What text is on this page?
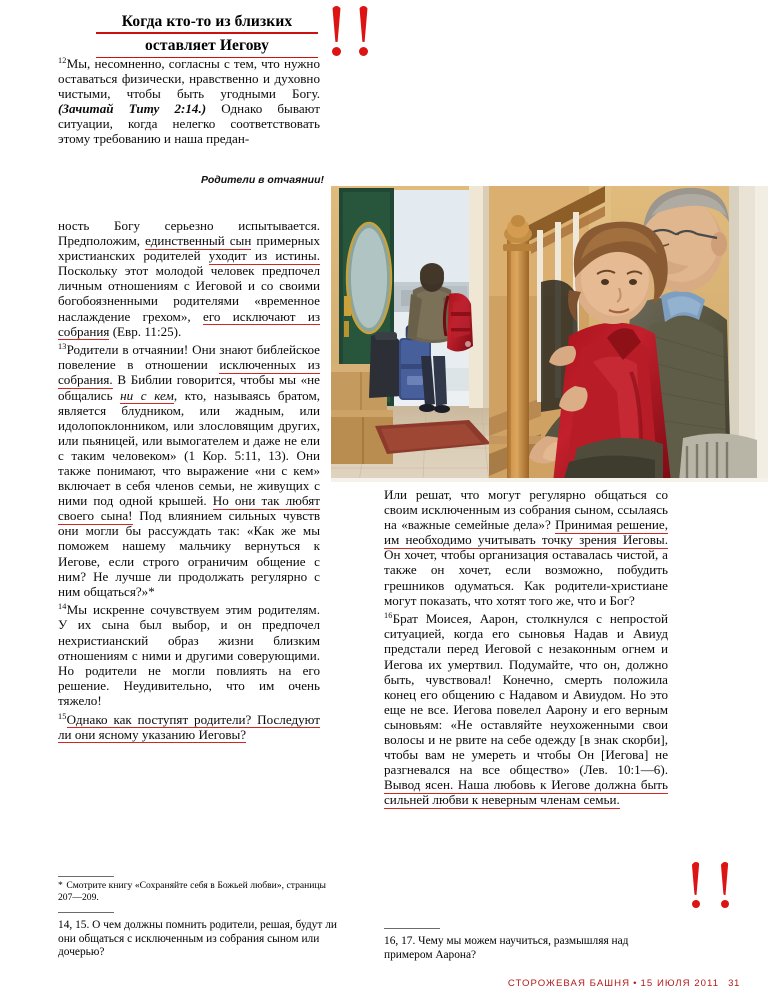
Когда кто-то из близких
оставляет Иегову

$^{12}$Мы, несомненно, согласны с тем, что нужно оставаться физически, нравственно и духовно чистыми, чтобы быть угодными Богу. (Зачитай Титу 2:14.) Однако бывают ситуации, когда нелегко соответствовать этому требованию и наша предан-

Родители в отчаянии!

ность Богу серьезно испытывается. Предположим, единственный сын примерных христианских родителей уходит из истины. Поскольку этот молодой человек предпочел личным отношениям с Иеговой и со своими богобоязненными родителями «временное наслаждение грехом», его исключают из собрания (Евр. 11:25).

$^{13}$Родители в отчаянии! Они знают библейское повеление в отношении исключенных из собрания. В Библии говорится, чтобы мы «не общались ни с кем, кто, называясь братом, является блудником, или жадным, или идолопоклонником, или злословящим других, или пьяницей, или вымогателем и даже не ели с таким человеком» (1 Кор. 5:11, 13). Они также понимают, что выражение «ни с кем» включает в себя членов семьи, не живущих с ними под одной крышей. Но они так любят своего сына! Под влиянием сильных чувств они могли бы рассуждать так: «Как же мы поможем нашему мальчику вернуться к Иегове, если строго ограничим общение с ним? Не лучше ли продолжать регулярно с ним общаться?»*

$^{14}$Мы искренне сочувствуем этим родителям. У их сына был выбор, и он предпочел нехристианский образ жизни близким отношениям с ними и другими соверующими. Но родители не могли повлиять на его решение. Неудивительно, что им очень тяжело!

$^{15}$Однако как поступят родители? Последуют ли они ясному указанию Иеговы?

Или решат, что могут регулярно общаться со своим исключенным из собрания сыном, ссылаясь на «важные семейные дела»? Принимая решение, им необходимо учитывать точку зрения Иеговы. Он хочет, чтобы организация оставалась чистой, а также он хочет, если возможно, побудить грешников одуматься. Как родители-христиане могут показать, что хотят того же, что и Бог?

$^{16}$Брат Моисея, Аарон, столкнулся с непростой ситуацией, когда его сыновья Надав и Авиуд предстали перед Иеговой с незаконным огнем и Иегова их умертвил. Подумайте, что он, должно быть, чувствовал! Конечно, смерть положила конец его общению с Надавом и Авиудом. Но это еще не все. Иегова повелел Аарону и его верным сыновьям: «Не оставляйте неухоженными свои волосы и не рвите на себе одежду [в знак скорби], чтобы вам не умереть и чтобы Он [Иегова] не разгневался на все общество» (Лев. 10:1—6). Вывод ясен. Наша любовь к Иегове должна быть сильней любви к неверным членам семьи.

* Смотрите книгу «Сохраняйте себя в Божьей любви», страницы 207—209.
14, 15. О чем должны помнить родители, решая, будут ли они общаться с исключенным из собрания сыном или дочерью?
16, 17. Чему мы можем научиться, размышляя над примером Аарона?
СТОРОЖЕВАЯ БАШНЯ • 15 ИЮЛЯ 2011 31
